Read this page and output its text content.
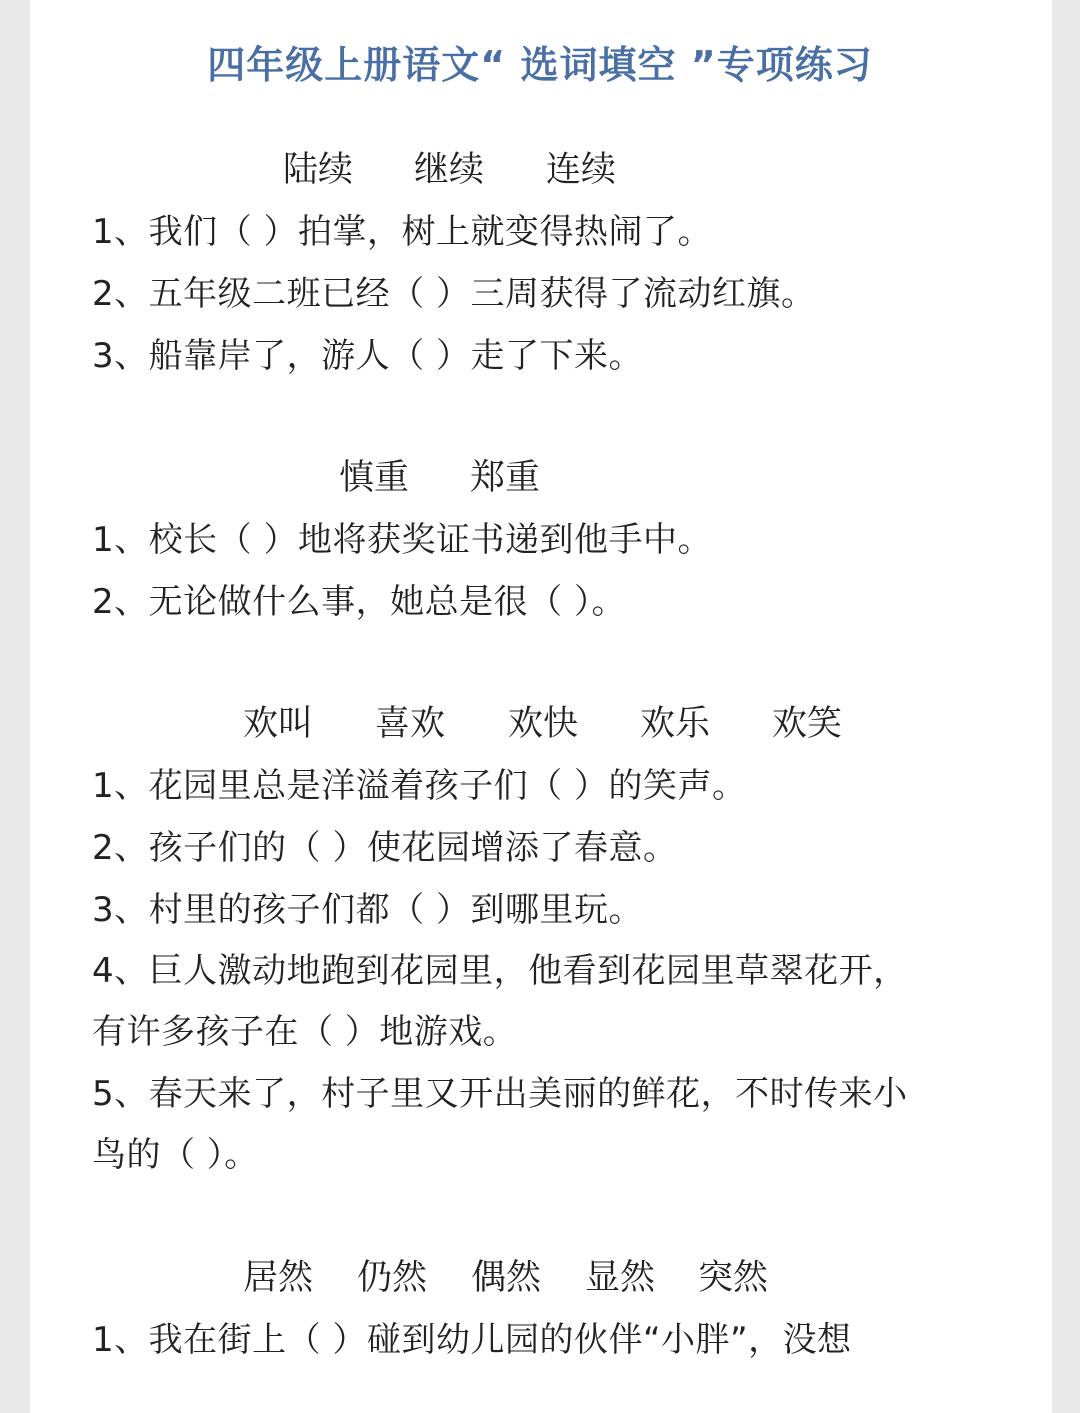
四年级上册语文“ 选词填空 ”专项练习
陆续 继续 连续
1、我们（ ）拍掌，树上就变得热闹了。
2、五年级二班已经（ ）三周获得了流动红旗。
3、船靠岸了，游人（ ）走了下来。
慎重 郑重
1、校长（ ）地将获奖证书递到他手中。
2、无论做什么事，她总是很（ ）。
欢叫 喜欢 欢快 欢乐 欢笑
1、花园里总是洋溢着孩子们（ ）的笑声。
2、孩子们的（ ）使花园增添了春意。
3、村里的孩子们都（ ）到哪里玩。
4、巨人激动地跑到花园里，他看到花园里草翠花开，
有许多孩子在（ ）地游戏。
5、春天来了，村子里又开出美丽的鲜花，不时传来小
鸟的（ ）。
居然 仍然 偶然 显然 突然
1、我在街上（ ）碰到幼儿园的伙伴“小胖”，没想
